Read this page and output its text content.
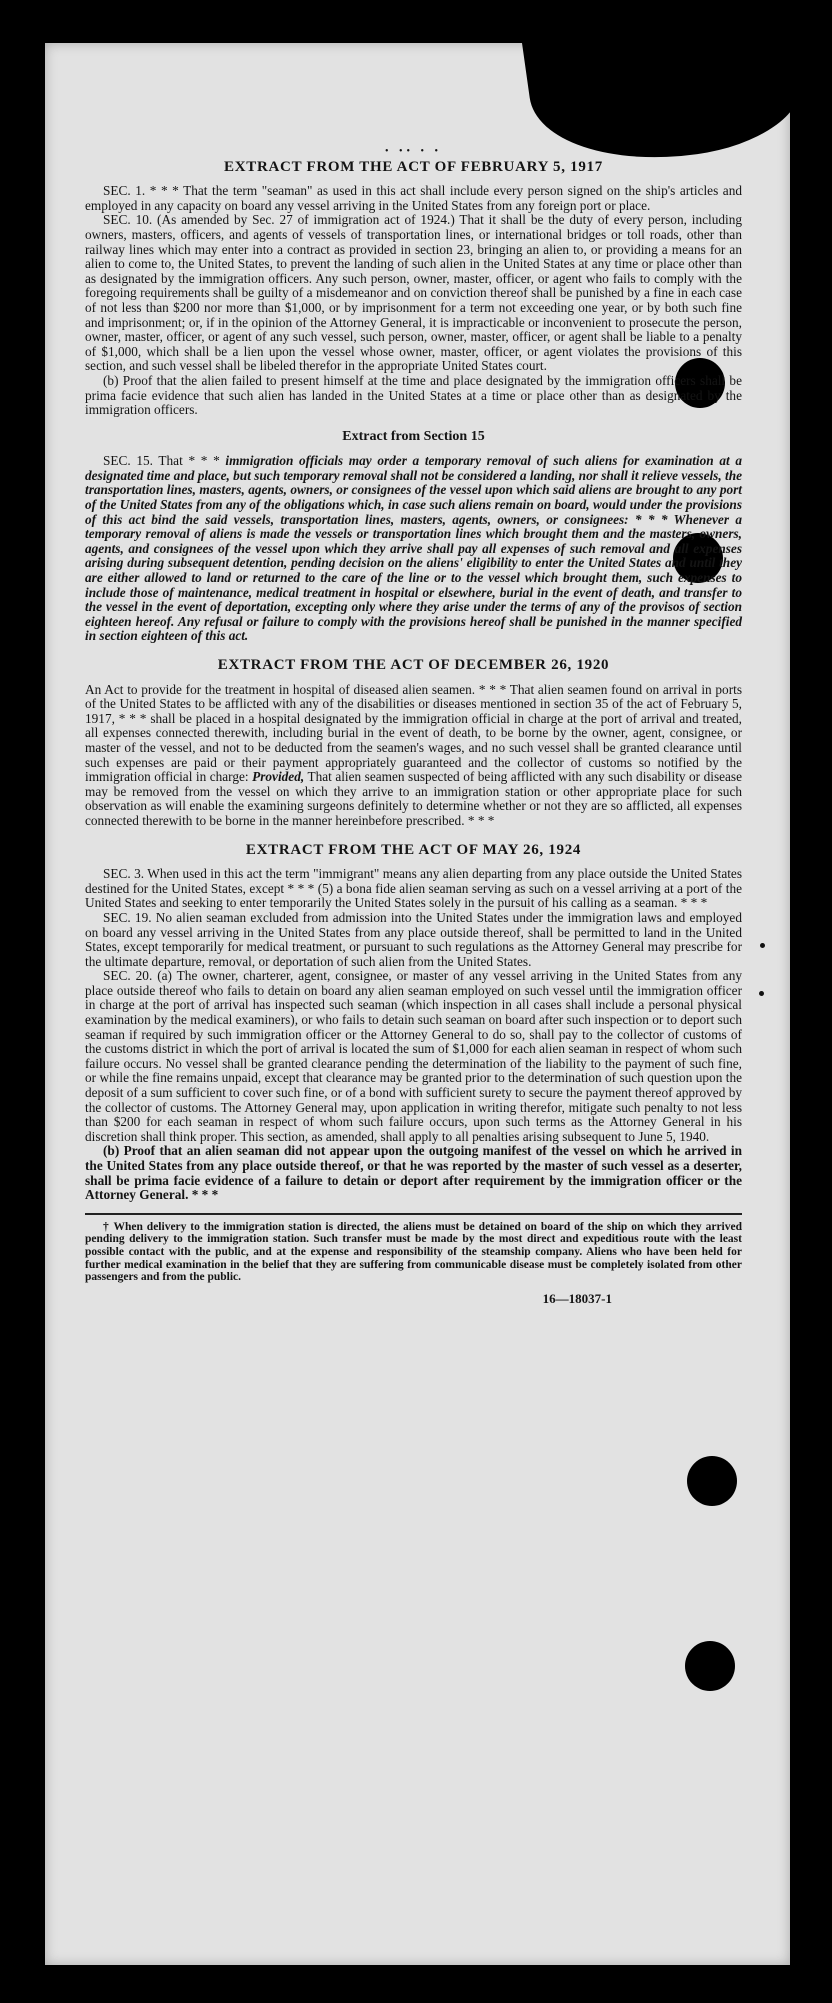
• •• • •
EXTRACT FROM THE ACT OF FEBRUARY 5, 1917

SEC. 1. * * * That the term "seaman" as used in this act shall include every person signed on the ship's articles and employed in any capacity on board any vessel arriving in the United States from any foreign port or place.

SEC. 10. (As amended by Sec. 27 of immigration act of 1924.) That it shall be the duty of every person, including owners, masters, officers, and agents of vessels of transportation lines, or international bridges or toll roads, other than railway lines which may enter into a contract as provided in section 23, bringing an alien to, or providing a means for an alien to come to, the United States, to prevent the landing of such alien in the United States at any time or place other than as designated by the immigration officers. Any such person, owner, master, officer, or agent who fails to comply with the foregoing requirements shall be guilty of a misdemeanor and on conviction thereof shall be punished by a fine in each case of not less than $200 nor more than $1,000, or by imprisonment for a term not exceeding one year, or by both such fine and imprisonment; or, if in the opinion of the Attorney General, it is impracticable or inconvenient to prosecute the person, owner, master, officer, or agent of any such vessel, such person, owner, master, officer, or agent shall be liable to a penalty of $1,000, which shall be a lien upon the vessel whose owner, master, officer, or agent violates the provisions of this section, and such vessel shall be libeled therefor in the appropriate United States court.

(b) Proof that the alien failed to present himself at the time and place designated by the immigration officers shall be prima facie evidence that such alien has landed in the United States at a time or place other than as designated by the immigration officers.

Extract from Section 15

SEC. 15. That * * * immigration officials may order a temporary removal of such aliens for examination at a designated time and place, but such temporary removal shall not be considered a landing, nor shall it relieve vessels, the transportation lines, masters, agents, owners, or consignees of the vessel upon which said aliens are brought to any port of the United States from any of the obligations which, in case such aliens remain on board, would under the provisions of this act bind the said vessels, transportation lines, masters, agents, owners, or consignees: * * * Whenever a temporary removal of aliens is made the vessels or transportation lines which brought them and the masters, owners, agents, and consignees of the vessel upon which they arrive shall pay all expenses of such removal and all expenses arising during subsequent detention, pending decision on the aliens' eligibility to enter the United States and until they are either allowed to land or returned to the care of the line or to the vessel which brought them, such expenses to include those of maintenance, medical treatment in hospital or elsewhere, burial in the event of death, and transfer to the vessel in the event of deportation, excepting only where they arise under the terms of any of the provisos of section eighteen hereof. Any refusal or failure to comply with the provisions hereof shall be punished in the manner specified in section eighteen of this act.

EXTRACT FROM THE ACT OF DECEMBER 26, 1920

An Act to provide for the treatment in hospital of diseased alien seamen. * * * That alien seamen found on arrival in ports of the United States to be afflicted with any of the disabilities or diseases mentioned in section 35 of the act of February 5, 1917, * * * shall be placed in a hospital designated by the immigration official in charge at the port of arrival and treated, all expenses connected therewith, including burial in the event of death, to be borne by the owner, agent, consignee, or master of the vessel, and not to be deducted from the seamen's wages, and no such vessel shall be granted clearance until such expenses are paid or their payment appropriately guaranteed and the collector of customs so notified by the immigration official in charge: Provided, That alien seamen suspected of being afflicted with any such disability or disease may be removed from the vessel on which they arrive to an immigration station or other appropriate place for such observation as will enable the examining surgeons definitely to determine whether or not they are so afflicted, all expenses connected therewith to be borne in the manner hereinbefore prescribed. * * *

EXTRACT FROM THE ACT OF MAY 26, 1924

SEC. 3. When used in this act the term "immigrant" means any alien departing from any place outside the United States destined for the United States, except * * * (5) a bona fide alien seaman serving as such on a vessel arriving at a port of the United States and seeking to enter temporarily the United States solely in the pursuit of his calling as a seaman. * * *

SEC. 19. No alien seaman excluded from admission into the United States under the immigration laws and employed on board any vessel arriving in the United States from any place outside thereof, shall be permitted to land in the United States, except temporarily for medical treatment, or pursuant to such regulations as the Attorney General may prescribe for the ultimate departure, removal, or deportation of such alien from the United States.

SEC. 20. (a) The owner, charterer, agent, consignee, or master of any vessel arriving in the United States from any place outside thereof who fails to detain on board any alien seaman employed on such vessel until the immigration officer in charge at the port of arrival has inspected such seaman (which inspection in all cases shall include a personal physical examination by the medical examiners), or who fails to detain such seaman on board after such inspection or to deport such seaman if required by such immigration officer or the Attorney General to do so, shall pay to the collector of customs of the customs district in which the port of arrival is located the sum of $1,000 for each alien seaman in respect of whom such failure occurs. No vessel shall be granted clearance pending the determination of the liability to the payment of such fine, or while the fine remains unpaid, except that clearance may be granted prior to the determination of such question upon the deposit of a sum sufficient to cover such fine, or of a bond with sufficient surety to secure the payment thereof approved by the collector of customs. The Attorney General may, upon application in writing therefor, mitigate such penalty to not less than $200 for each seaman in respect of whom such failure occurs, upon such terms as the Attorney General in his discretion shall think proper. This section, as amended, shall apply to all penalties arising subsequent to June 5, 1940.

(b) Proof that an alien seaman did not appear upon the outgoing manifest of the vessel on which he arrived in the United States from any place outside thereof, or that he was reported by the master of such vessel as a deserter, shall be prima facie evidence of a failure to detain or deport after requirement by the immigration officer or the Attorney General. * * *

† When delivery to the immigration station is directed, the aliens must be detained on board of the ship on which they arrived pending delivery to the immigration station. Such transfer must be made by the most direct and expeditious route with the least possible contact with the public, and at the expense and responsibility of the steamship company. Aliens who have been held for further medical examination in the belief that they are suffering from communicable disease must be completely isolated from other passengers and from the public.

16—18037-1
